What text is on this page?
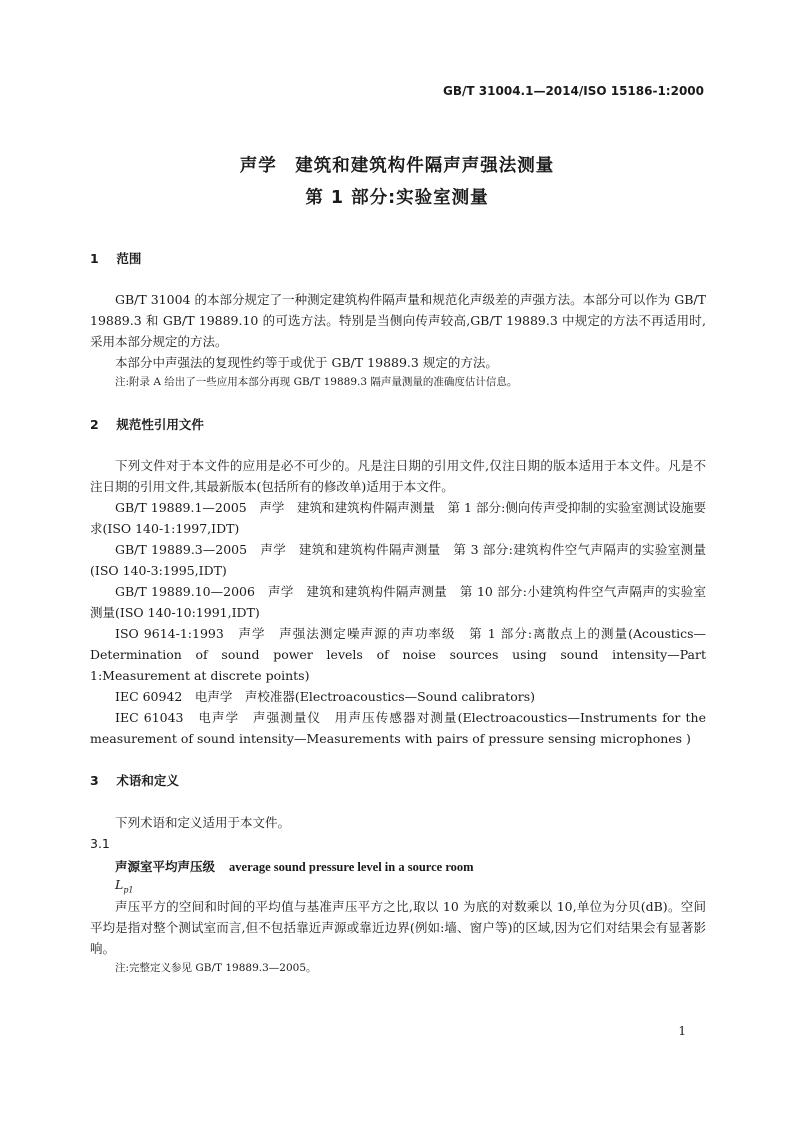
GB/T 31004.1—2014/ISO 15186-1:2000
声学　建筑和建筑构件隔声声强法测量
第 1 部分:实验室测量
1 范围

GB/T 31004 的本部分规定了一种测定建筑构件隔声量和规范化声级差的声强方法。本部分可以作为 GB/T 19889.3 和 GB/T 19889.10 的可选方法。特别是当侧向传声较高,GB/T 19889.3 中规定的方法不再适用时,采用本部分规定的方法。

本部分中声强法的复现性约等于或优于 GB/T 19889.3 规定的方法。

注:附录 A 给出了一些应用本部分再现 GB/T 19889.3 隔声量测量的准确度估计信息。

2 规范性引用文件

下列文件对于本文件的应用是必不可少的。凡是注日期的引用文件,仅注日期的版本适用于本文件。凡是不注日期的引用文件,其最新版本(包括所有的修改单)适用于本文件。

GB/T 19889.1—2005　声学　建筑和建筑构件隔声测量　第 1 部分:侧向传声受抑制的实验室测试设施要求(ISO 140-1:1997,IDT)

GB/T 19889.3—2005　声学　建筑和建筑构件隔声测量　第 3 部分:建筑构件空气声隔声的实验室测量(ISO 140-3:1995,IDT)

GB/T 19889.10—2006　声学　建筑和建筑构件隔声测量　第 10 部分:小建筑构件空气声隔声的实验室测量(ISO 140-10:1991,IDT)

ISO 9614-1:1993　声学　声强法测定噪声源的声功率级　第 1 部分:离散点上的测量(Acoustics—Determination of sound power levels of noise sources using sound intensity—Part 1:Measurement at discrete points)

IEC 60942　电声学　声校准器(Electroacoustics—Sound calibrators)

IEC 61043　电声学　声强测量仪　用声压传感器对测量(Electroacoustics—Instruments for the measurement of sound intensity—Measurements with pairs of pressure sensing microphones )

3 术语和定义

下列术语和定义适用于本文件。

3.1
声源室平均声压级 average sound pressure level in a source room
$L_{p1}$

声压平方的空间和时间的平均值与基准声压平方之比,取以 10 为底的对数乘以 10,单位为分贝(dB)。空间平均是指对整个测试室而言,但不包括靠近声源或靠近边界(例如:墙、窗户等)的区域,因为它们对结果会有显著影响。

注:完整定义参见 GB/T 19889.3—2005。

1
